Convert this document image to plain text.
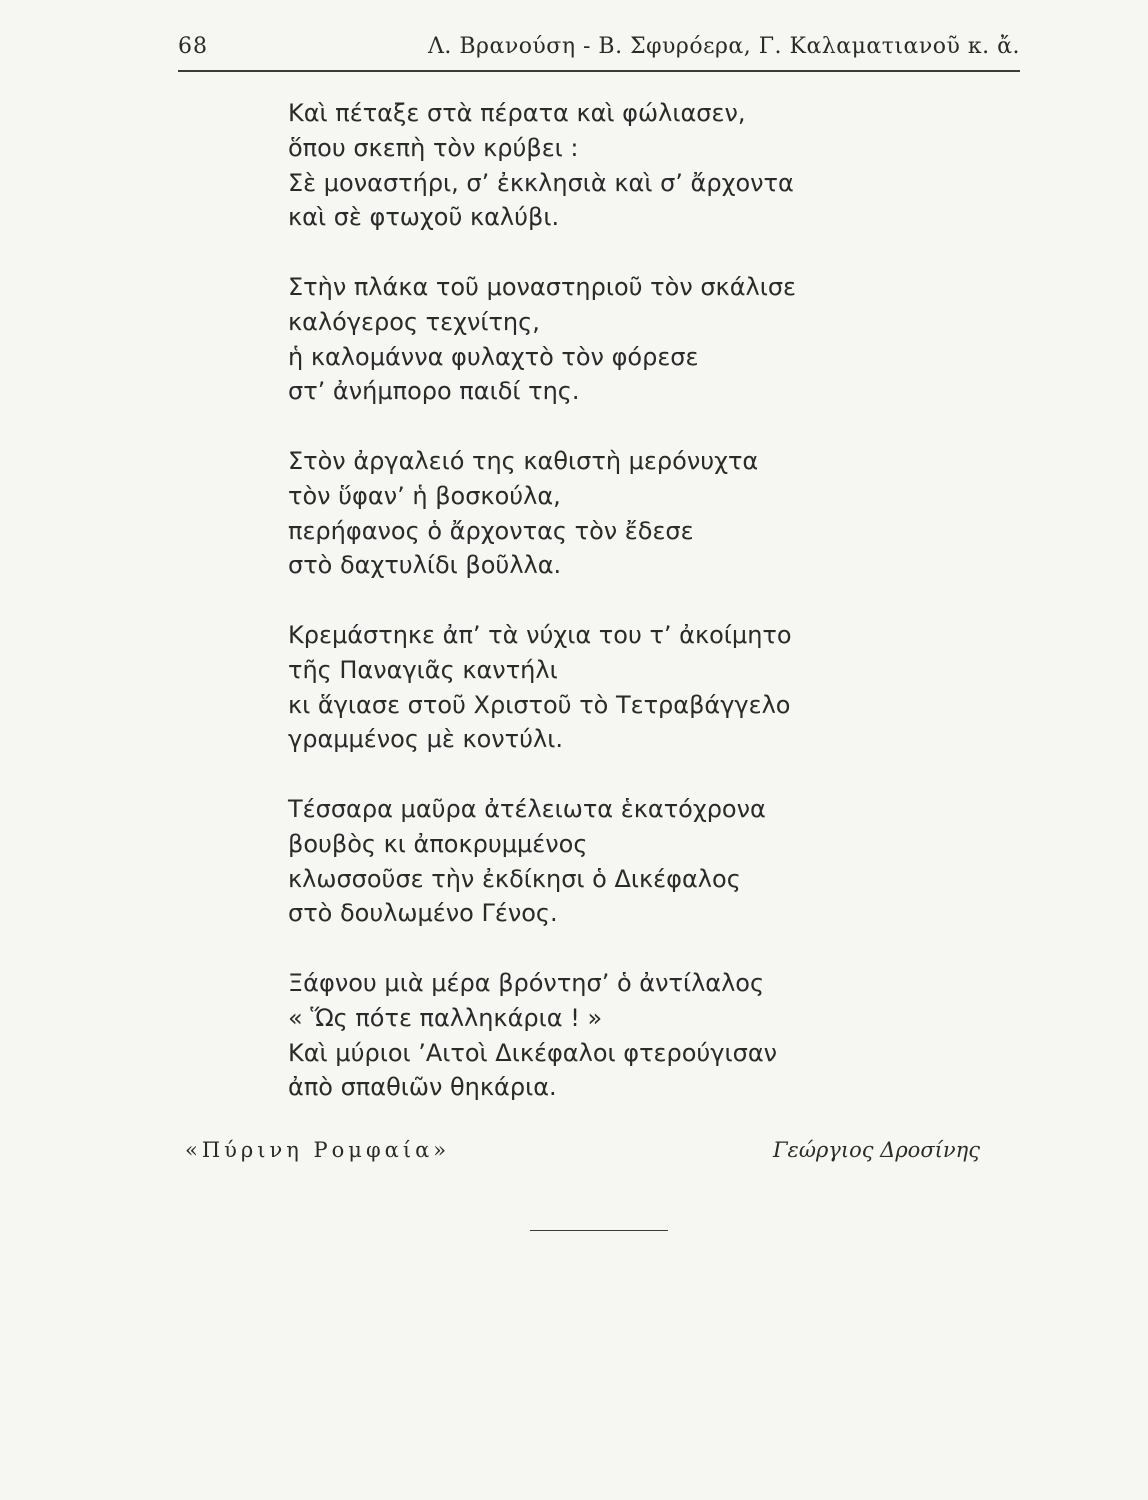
68	Λ. Βρανούση - Β. Σφυρόερα, Γ. Καλαματιανοῦ κ. ἄ.
Καὶ πέταξε στὰ πέρατα καὶ φώλιασεν,
ὅπου σκεπὴ τὸν κρύβει :
Σὲ μοναστήρι, σ’ ἐκκλησιὰ καὶ σ’ ἄρχοντα
καὶ σὲ φτωχοῦ καλύβι.
Στὴν πλάκα τοῦ μοναστηριοῦ τὸν σκάλισε
καλόγερος τεχνίτης,
ἡ καλομάννα φυλαχτὸ τὸν φόρεσε
στ’ ἀνήμπορο παιδί της.
Στὸν ἀργαλειό της καθιστὴ μερόνυχτα
τὸν ὕφαν’ ἡ βοσκούλα,
περήφανος ὁ ἄρχοντας τὸν ἔδεσε
στὸ δαχτυλίδι βοῦλλα.
Κρεμάστηκε ἀπ’ τὰ νύχια του τ’ ἀκοίμητο
τῆς Παναγιᾶς καντήλι
κι ἅγιασε στοῦ Χριστοῦ τὸ Τετραβάγγελο
γραμμένος μὲ κοντύλι.
Τέσσαρα μαῦρα ἀτέλειωτα ἑκατόχρονα
βουβὸς κι ἀποκρυμμένος
κλωσσοῦσε τὴν ἐκδίκησι ὁ Δικέφαλος
στὸ δουλωμένο Γένος.
Ξάφνου μιὰ μέρα βρόντησ’ ὁ ἀντίλαλος
« Ὥς πότε παλληκάρια ! »
Καὶ μύριοι ’Αιτοὶ Δικέφαλοι φτερούγισαν
ἀπὸ σπαθιῶν θηκάρια.
«Πύρινη Ρομφαία»	Γεώργιος Δροσίνης
